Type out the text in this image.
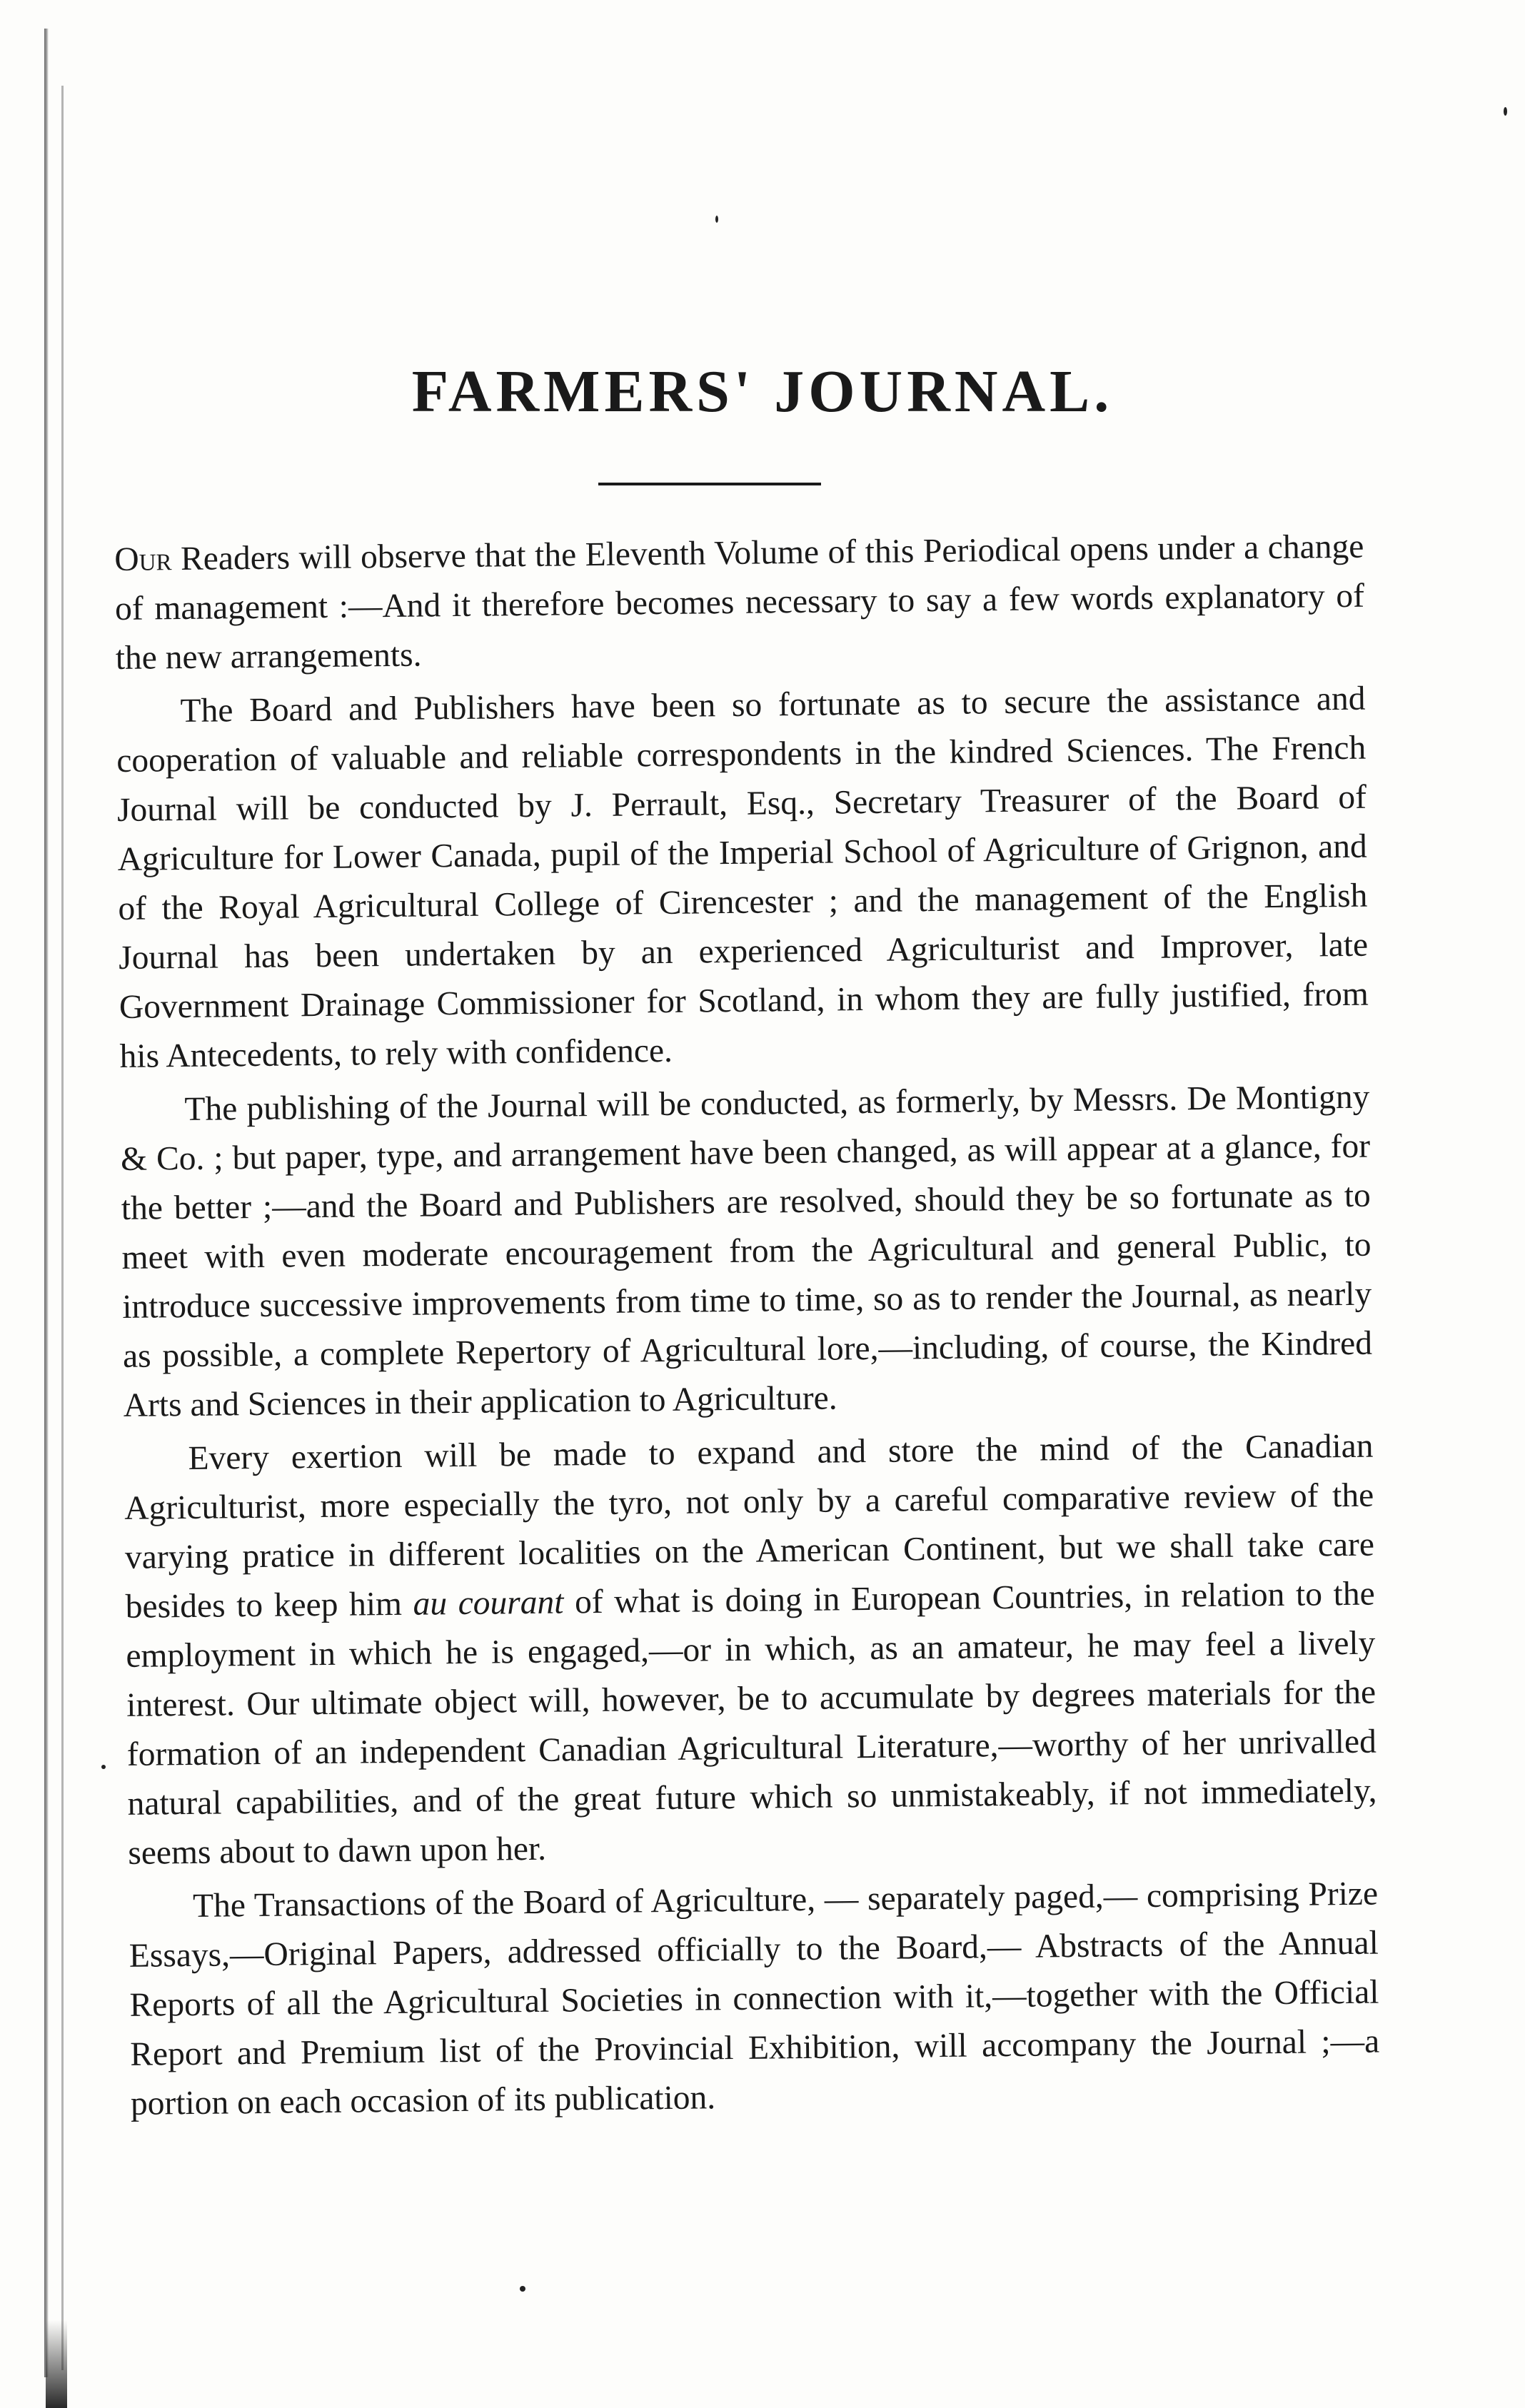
FARMERS' JOURNAL.

Our Readers will observe that the Eleventh Volume of this Periodical opens under a change of management :—And it therefore becomes necessary to say a few words explanatory of the new arrangements.

The Board and Publishers have been so fortunate as to secure the assistance and cooperation of valuable and reliable correspondents in the kindred Sciences. The French Journal will be conducted by J. Perrault, Esq., Secretary Treasurer of the Board of Agriculture for Lower Canada, pupil of the Imperial School of Agriculture of Grignon, and of the Royal Agricultural College of Cirencester ; and the management of the English Journal has been undertaken by an experienced Agriculturist and Improver, late Government Drainage Commissioner for Scotland, in whom they are fully justified, from his Antecedents, to rely with confidence.

The publishing of the Journal will be conducted, as formerly, by Messrs. De Montigny & Co. ; but paper, type, and arrangement have been changed, as will appear at a glance, for the better ;—and the Board and Publishers are resolved, should they be so fortunate as to meet with even moderate encouragement from the Agricultural and general Public, to introduce successive improvements from time to time, so as to render the Journal, as nearly as possible, a complete Repertory of Agricultural lore,—including, of course, the Kindred Arts and Sciences in their application to Agriculture.

Every exertion will be made to expand and store the mind of the Canadian Agriculturist, more especially the tyro, not only by a careful comparative review of the varying pratice in different localities on the American Continent, but we shall take care besides to keep him au courant of what is doing in European Countries, in relation to the employment in which he is engaged,—or in which, as an amateur, he may feel a lively interest. Our ultimate object will, however, be to accumulate by degrees materials for the formation of an independent Canadian Agricultural Literature,—worthy of her unrivalled natural capabilities, and of the great future which so unmistakeably, if not immediately, seems about to dawn upon her.

The Transactions of the Board of Agriculture, — separately paged,— comprising Prize Essays,—Original Papers, addressed officially to the Board,— Abstracts of the Annual Reports of all the Agricultural Societies in connection with it,—together with the Official Report and Premium list of the Provincial Exhibition, will accompany the Journal ;—a portion on each occasion of its publication.
